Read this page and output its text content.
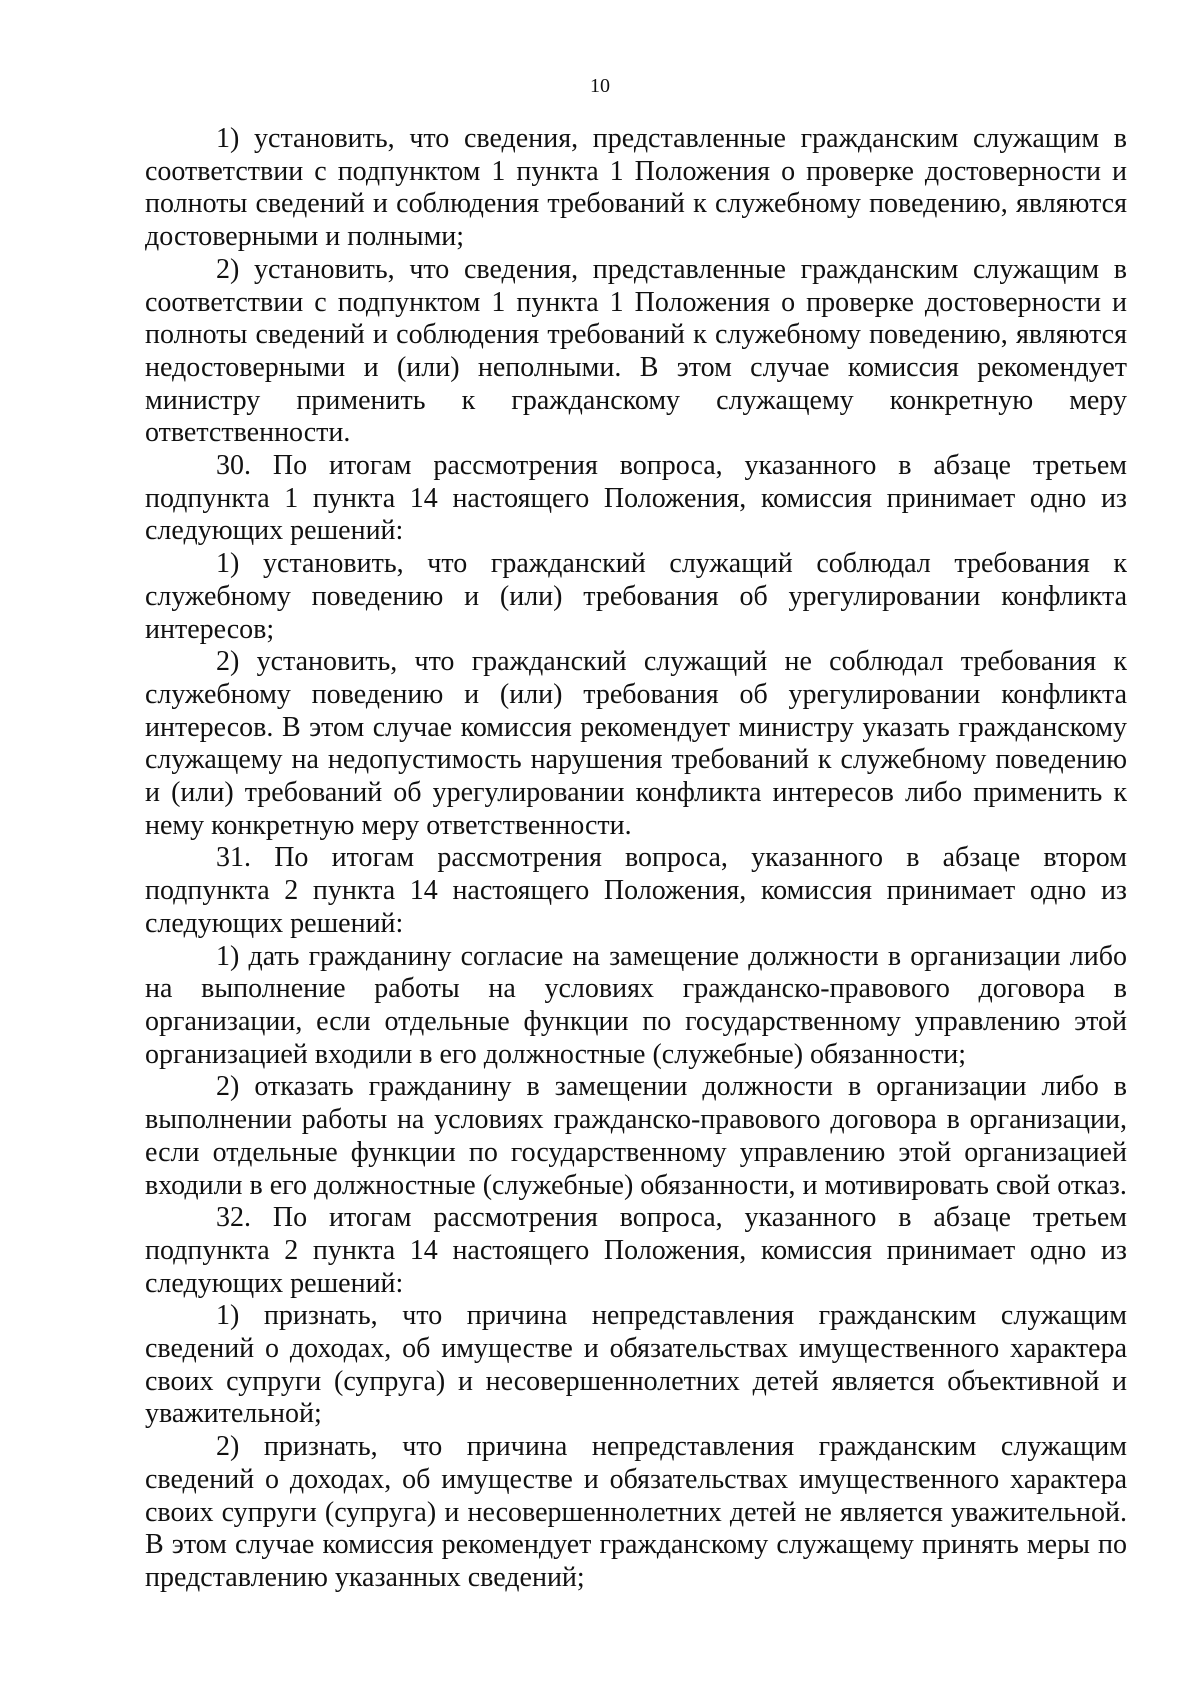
10

1) установить, что сведения, представленные гражданским служащим в соответствии с подпунктом 1 пункта 1 Положения о проверке достоверности и полноты сведений и соблюдения требований к служебному поведению, являются достоверными и полными;

2) установить, что сведения, представленные гражданским служащим в соответствии с подпунктом 1 пункта 1 Положения о проверке достоверности и полноты сведений и соблюдения требований к служебному поведению, являются недостоверными и (или) неполными. В этом случае комиссия рекомендует министру применить к гражданскому служащему конкретную меру ответственности.

30. По итогам рассмотрения вопроса, указанного в абзаце третьем подпункта 1 пункта 14 настоящего Положения, комиссия принимает одно из следующих решений:

1) установить, что гражданский служащий соблюдал требования к служебному поведению и (или) требования об урегулировании конфликта интересов;

2) установить, что гражданский служащий не соблюдал требования к служебному поведению и (или) требования об урегулировании конфликта интересов. В этом случае комиссия рекомендует министру указать гражданскому служащему на недопустимость нарушения требований к служебному поведению и (или) требований об урегулировании конфликта интересов либо применить к нему конкретную меру ответственности.

31. По итогам рассмотрения вопроса, указанного в абзаце втором подпункта 2 пункта 14 настоящего Положения, комиссия принимает одно из следующих решений:

1) дать гражданину согласие на замещение должности в организации либо на выполнение работы на условиях гражданско-правового договора в организации, если отдельные функции по государственному управлению этой организацией входили в его должностные (служебные) обязанности;

2) отказать гражданину в замещении должности в организации либо в выполнении работы на условиях гражданско-правового договора в организации, если отдельные функции по государственному управлению этой организацией входили в его должностные (служебные) обязанности, и мотивировать свой отказ.

32. По итогам рассмотрения вопроса, указанного в абзаце третьем подпункта 2 пункта 14 настоящего Положения, комиссия принимает одно из следующих решений:

1) признать, что причина непредставления гражданским служащим сведений о доходах, об имуществе и обязательствах имущественного характера своих супруги (супруга) и несовершеннолетних детей является объективной и уважительной;

2) признать, что причина непредставления гражданским служащим сведений о доходах, об имуществе и обязательствах имущественного характера своих супруги (супруга) и несовершеннолетних детей не является уважительной. В этом случае комиссия рекомендует гражданскому служащему принять меры по представлению указанных сведений;
